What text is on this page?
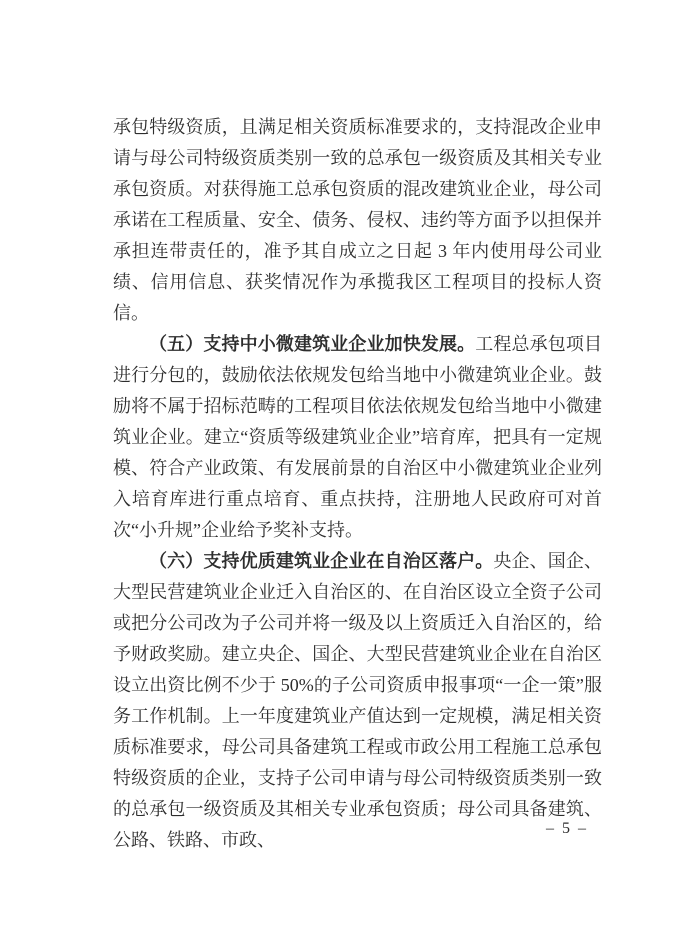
承包特级资质，且满足相关资质标准要求的，支持混改企业申请与母公司特级资质类别一致的总承包一级资质及其相关专业承包资质。对获得施工总承包资质的混改建筑业企业，母公司承诺在工程质量、安全、债务、侵权、违约等方面予以担保并承担连带责任的，准予其自成立之日起 3 年内使用母公司业绩、信用信息、获奖情况作为承揽我区工程项目的投标人资信。

（五）支持中小微建筑业企业加快发展。工程总承包项目进行分包的，鼓励依法依规发包给当地中小微建筑业企业。鼓励将不属于招标范畴的工程项目依法依规发包给当地中小微建筑业企业。建立“资质等级建筑业企业”培育库，把具有一定规模、符合产业政策、有发展前景的自治区中小微建筑业企业列入培育库进行重点培育、重点扶持，注册地人民政府可对首次“小升规”企业给予奖补支持。

（六）支持优质建筑业企业在自治区落户。央企、国企、大型民营建筑业企业迁入自治区的、在自治区设立全资子公司或把分公司改为子公司并将一级及以上资质迁入自治区的，给予财政奖励。建立央企、国企、大型民营建筑业企业在自治区设立出资比例不少于 50%的子公司资质申报事项“一企一策”服务工作机制。上一年度建筑业产值达到一定规模，满足相关资质标准要求，母公司具备建筑工程或市政公用工程施工总承包特级资质的企业，支持子公司申请与母公司特级资质类别一致的总承包一级资质及其相关专业承包资质；母公司具备建筑、公路、铁路、市政、

– 5 –
